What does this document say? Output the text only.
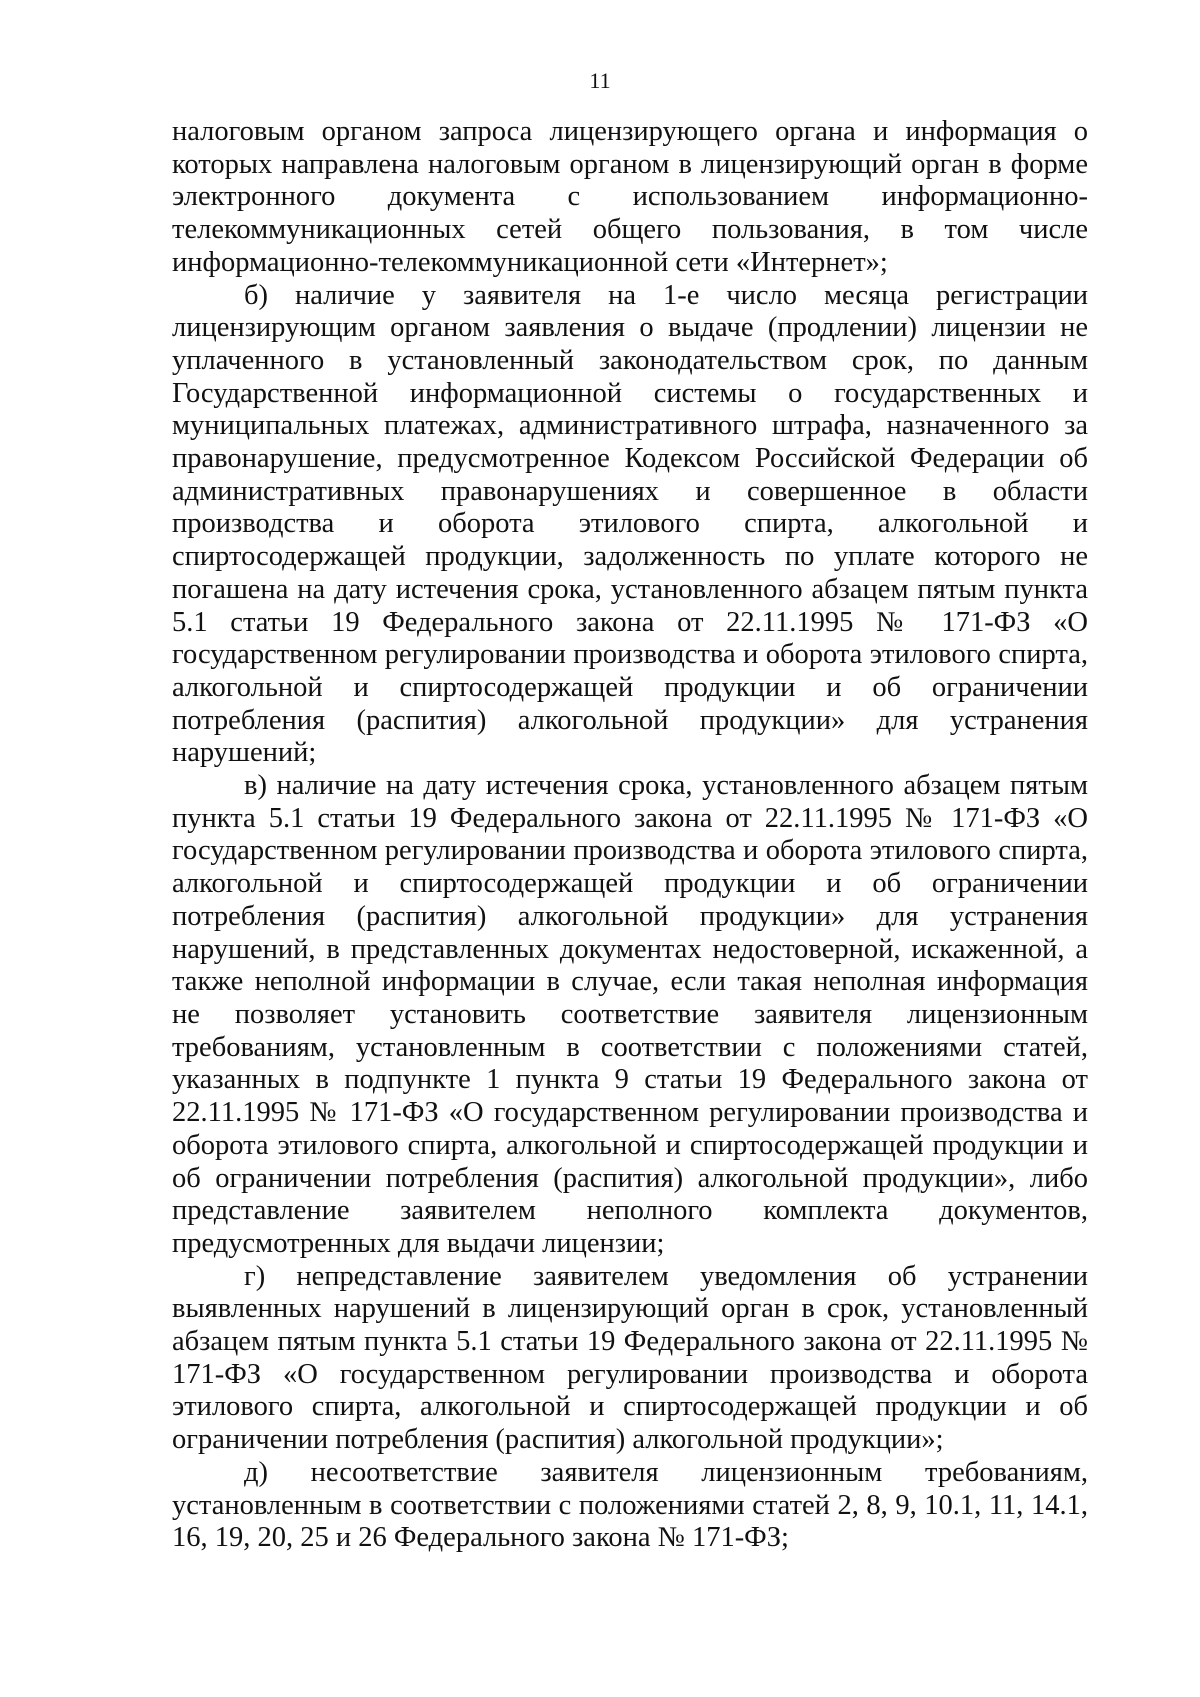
11

налоговым органом запроса лицензирующего органа и информация о которых направлена налоговым органом в лицензирующий орган в форме электронного документа с использованием информационно-телекоммуникационных сетей общего пользования, в том числе информационно-телекоммуникационной сети «Интернет»;

б) наличие у заявителя на 1-е число месяца регистрации лицензирующим органом заявления о выдаче (продлении) лицензии не уплаченного в установленный законодательством срок, по данным Государственной информационной системы о государственных и муниципальных платежах, административного штрафа, назначенного за правонарушение, предусмотренное Кодексом Российской Федерации об административных правонарушениях и совершенное в области производства и оборота этилового спирта, алкогольной и спиртосодержащей продукции, задолженность по уплате которого не погашена на дату истечения срока, установленного абзацем пятым пункта 5.1 статьи 19 Федерального закона от 22.11.1995 № 171-ФЗ «О государственном регулировании производства и оборота этилового спирта, алкогольной и спиртосодержащей продукции и об ограничении потребления (распития) алкогольной продукции» для устранения нарушений;

в) наличие на дату истечения срока, установленного абзацем пятым пункта 5.1 статьи 19 Федерального закона от 22.11.1995 № 171-ФЗ «О государственном регулировании производства и оборота этилового спирта, алкогольной и спиртосодержащей продукции и об ограничении потребления (распития) алкогольной продукции» для устранения нарушений, в представленных документах недостоверной, искаженной, а также неполной информации в случае, если такая неполная информация не позволяет установить соответствие заявителя лицензионным требованиям, установленным в соответствии с положениями статей, указанных в подпункте 1 пункта 9 статьи 19 Федерального закона от 22.11.1995 № 171-ФЗ «О государственном регулировании производства и оборота этилового спирта, алкогольной и спиртосодержащей продукции и об ограничении потребления (распития) алкогольной продукции», либо представление заявителем неполного комплекта документов, предусмотренных для выдачи лицензии;

г) непредставление заявителем уведомления об устранении выявленных нарушений в лицензирующий орган в срок, установленный абзацем пятым пункта 5.1 статьи 19 Федерального закона от 22.11.1995 № 171-ФЗ «О государственном регулировании производства и оборота этилового спирта, алкогольной и спиртосодержащей продукции и об ограничении потребления (распития) алкогольной продукции»;

д) несоответствие заявителя лицензионным требованиям, установленным в соответствии с положениями статей 2, 8, 9, 10.1, 11, 14.1, 16, 19, 20, 25 и 26 Федерального закона № 171-ФЗ;
